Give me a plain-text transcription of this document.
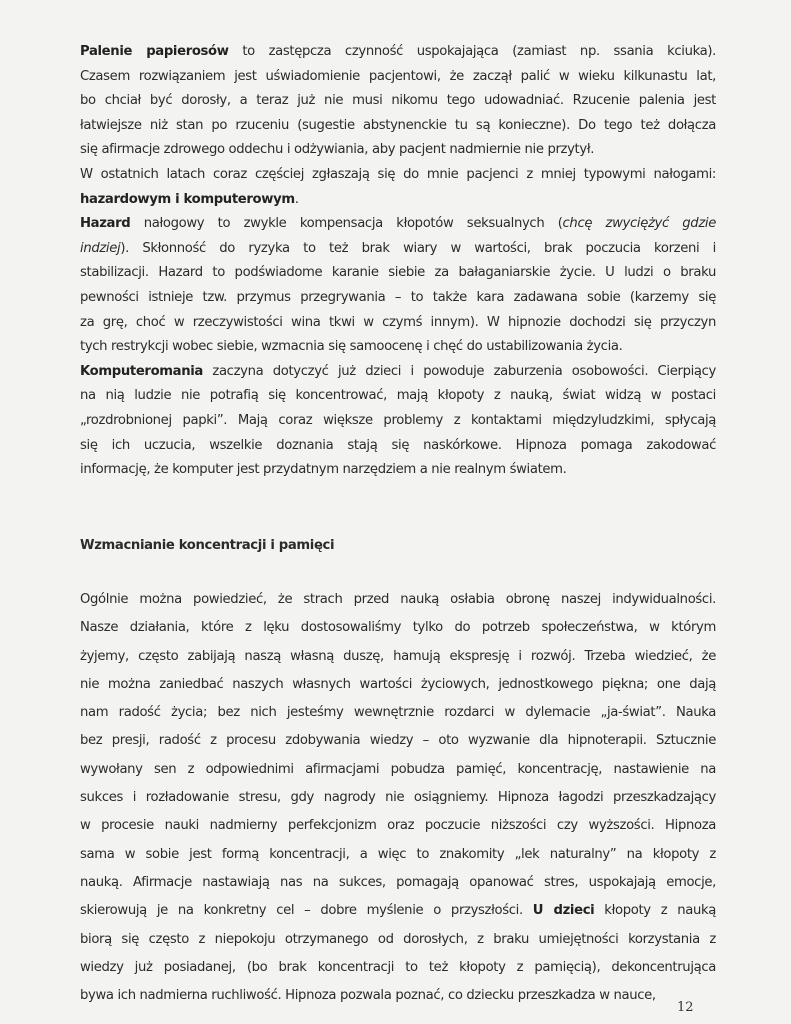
Palenie papierosów to zastępcza czynność uspokajająca (zamiast np. ssania kciuka).
Czasem rozwiązaniem jest uświadomienie pacjentowi, że zaczął palić w wieku kilkunastu lat,
bo chciał być dorosły, a teraz już nie musi nikomu tego udowadniać. Rzucenie palenia jest
łatwiejsze niż stan po rzuceniu (sugestie abstynenckie tu są konieczne). Do tego też dołącza
się afirmacje zdrowego oddechu i odżywiania, aby pacjent nadmiernie nie przytył.
W ostatnich latach coraz częściej zgłaszają się do mnie pacjenci z mniej typowymi nałogami:
hazardowym i komputerowym.
Hazard nałogowy to zwykle kompensacja kłopotów seksualnych (chcę zwyciężyć gdzie
indziej). Skłonność do ryzyka to też brak wiary w wartości, brak poczucia korzeni i
stabilizacji. Hazard to podświadome karanie siebie za bałaganiarskie życie. U ludzi o braku
pewności istnieje tzw. przymus przegrywania – to także kara zadawana sobie (karzemy się
za grę, choć w rzeczywistości wina tkwi w czymś innym). W hipnozie dochodzi się przyczyn
tych restrykcji wobec siebie, wzmacnia się samoocenę i chęć do ustabilizowania życia.
Komputeromania zaczyna dotyczyć już dzieci i powoduje zaburzenia osobowości. Cierpiący
na nią ludzie nie potrafią się koncentrować, mają kłopoty z nauką, świat widzą w postaci
„rozdrobnionej papki”. Mają coraz większe problemy z kontaktami międzyludzkimi, spłycają
się ich uczucia, wszelkie doznania stają się naskórkowe. Hipnoza pomaga zakodować
informację, że komputer jest przydatnym narzędziem a nie realnym światem.
Wzmacnianie koncentracji i pamięci
Ogólnie można powiedzieć, że strach przed nauką osłabia obronę naszej indywidualności.
Nasze działania, które z lęku dostosowaliśmy tylko do potrzeb społeczeństwa, w którym
żyjemy, często zabijają naszą własną duszę, hamują ekspresję i rozwój. Trzeba wiedzieć, że
nie można zaniedbać naszych własnych wartości życiowych, jednostkowego piękna; one dają
nam radość życia; bez nich jesteśmy wewnętrznie rozdarci w dylemacie „ja-świat”. Nauka
bez presji, radość z procesu zdobywania wiedzy – oto wyzwanie dla hipnoterapii. Sztucznie
wywołany sen z odpowiednimi afirmacjami pobudza pamięć, koncentrację, nastawienie na
sukces i rozładowanie stresu, gdy nagrody nie osiągniemy. Hipnoza łagodzi przeszkadzający
w procesie nauki nadmierny perfekcjonizm oraz poczucie niższości czy wyższości. Hipnoza
sama w sobie jest formą koncentracji, a więc to znakomity „lek naturalny” na kłopoty z
nauką. Afirmacje nastawiają nas na sukces, pomagają opanować stres, uspokajają emocje,
skierowują je na konkretny cel – dobre myślenie o przyszłości. U dzieci kłopoty z nauką
biorą się często z niepokoju otrzymanego od dorosłych, z braku umiejętności korzystania z
wiedzy już posiadanej, (bo brak koncentracji to też kłopoty z pamięcią), dekoncentrująca
bywa ich nadmierna ruchliwość. Hipnoza pozwala poznać, co dziecku przeszkadza w nauce,
12
